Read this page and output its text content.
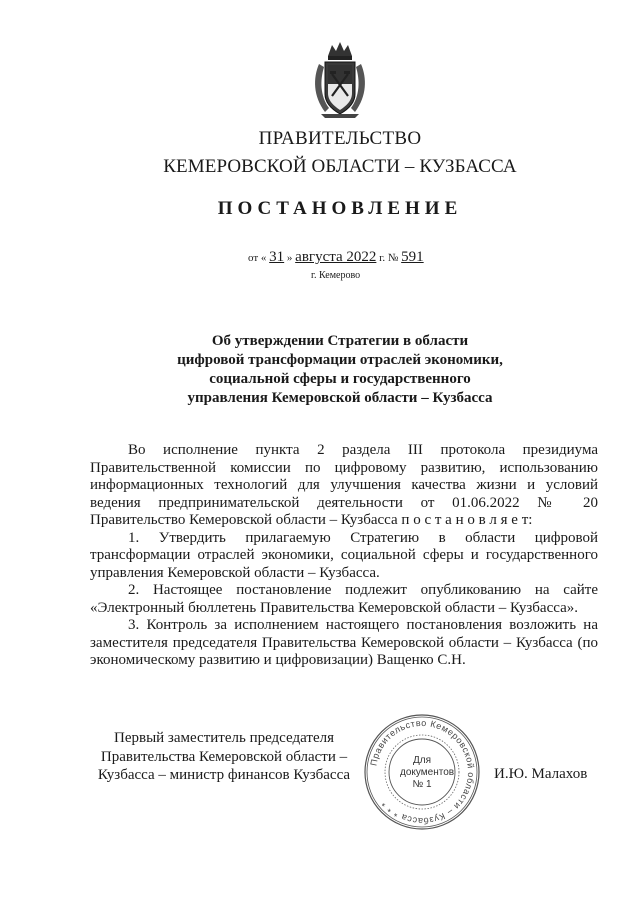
ПРАВИТЕЛЬСТВО
КЕМЕРОВСКОЙ ОБЛАСТИ – КУЗБАССА
ПОСТАНОВЛЕНИЕ
от « 31 » августа 2022 г. № 591
г. Кемерово
Об утверждении Стратегии в области
цифровой трансформации отраслей экономики,
социальной сферы и государственного
управления Кемеровской области – Кузбасса

Во исполнение пункта 2 раздела III протокола президиума Правительственной комиссии по цифровому развитию, использованию информационных технологий для улучшения качества жизни и условий ведения предпринимательской деятельности от 01.06.2022 № 20 Правительство Кемеровской области – Кузбасса п о с т а н о в л я е т:

1. Утвердить прилагаемую Стратегию в области цифровой трансформации отраслей экономики, социальной сферы и государственного управления Кемеровской области – Кузбасса.

2. Настоящее постановление подлежит опубликованию на сайте «Электронный бюллетень Правительства Кемеровской области – Кузбасса».

3. Контроль за исполнением настоящего постановления возложить на заместителя председателя Правительства Кемеровской области – Кузбасса (по экономическому развитию и цифровизации) Ващенко С.Н.

Первый заместитель председателя
Правительства Кемеровской области –
Кузбасса – министр финансов Кузбасса
Правительство Кемеровской области – Кузбасса * * *
Для
документов
№ 1
И.Ю. Малахов
